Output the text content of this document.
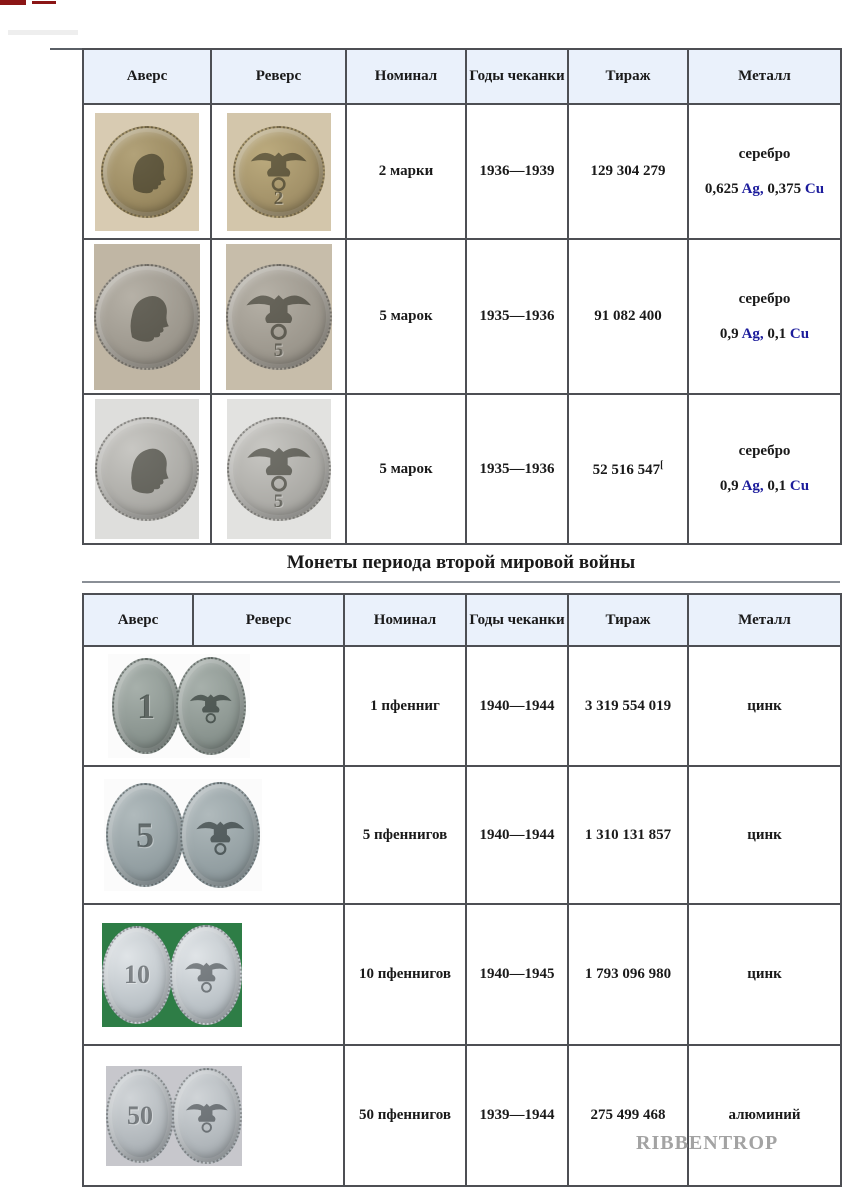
Аверс	Реверс	Номинал	Годы чеканки	Тираж	Металл

2	2 марки	1936—1939	129 304 279	серебро
0,625 Ag, 0,375 Cu

5	5 марок	1935—1936	91 082 400	серебро
0,9 Ag, 0,1 Cu

5	5 марок	1935—1936	52 516 547[	серебро
0,9 Ag, 0,1 Cu
Монеты периода второй мировой войны
Аверс	Реверс	Номинал	Годы чеканки	Тираж	Металл

1		1 пфенниг	1940—1944	3 319 554 019	цинк

5		5 пфеннигов	1940—1944	1 310 131 857	цинк

10		10 пфеннигов	1940—1945	1 793 096 980	цинк

50		50 пфеннигов	1939—1944	275 499 468	алюминий
RIBBENTROP
